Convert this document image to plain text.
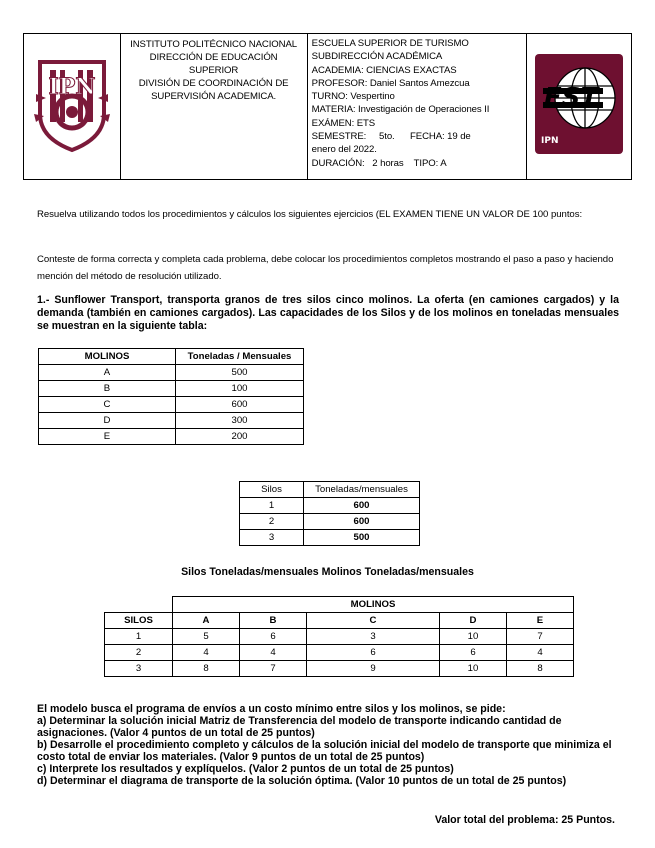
IPN

INSTITUTO POLITÉCNICO NACIONAL
DIRECCIÓN DE EDUCACIÓN SUPERIOR
DIVISIÓN DE COORDINACIÓN DE
SUPERVISIÓN ACADEMICA.

ESCUELA SUPERIOR DE TURISMO
SUBDIRECCIÓN ACADÉMICA
ACADEMIA: CIENCIAS EXACTAS
PROFESOR: Daniel Santos Amezcua
TURNO: Vespertino
MATERIA: Investigación de Operaciones II
EXÁMEN: ETS
SEMESTRE:     5to.      FECHA: 19 de
enero del 2022.
DURACIÓN:   2 horas    TIPO: A

EST
IPN
Resuelva utilizando todos los procedimientos y cálculos los siguientes ejercicios (EL EXAMEN TIENE UN VALOR DE 100 puntos:
Conteste de forma correcta y completa cada problema, debe colocar los procedimientos completos mostrando el paso a paso y haciendo mención del método de resolución utilizado.
1.- Sunflower Transport, transporta granos de tres silos cinco molinos. La oferta (en camiones cargados) y la demanda (también en camiones cargados). Las capacidades de los Silos y de los molinos en toneladas mensuales se muestran en la siguiente tabla:
MOLINOS	Toneladas / Mensuales
A	500
B	100
C	600
D	300
E	200
Silos	Toneladas/mensuales
1	600
2	600
3	500
Silos Toneladas/mensuales Molinos Toneladas/mensuales
	MOLINOS				
SILOS	A	B	C	D	E
1	5	6	3	10	7
2	4	4	6	6	4
3	8	7	9	10	8
El modelo busca el programa de envíos a un costo mínimo entre silos y los molinos, se pide:
a) Determinar la solución inicial Matriz de Transferencia del modelo de transporte indicando cantidad de asignaciones. (Valor 4 puntos de un total de 25 puntos)
b) Desarrolle el procedimiento completo y cálculos de la solución inicial del modelo de transporte que minimiza el costo total de enviar los materiales. (Valor 9 puntos de un total de 25 puntos)
c) Interprete los resultados y explíquelos. (Valor 2 puntos de un total de 25 puntos)
d) Determinar el diagrama de transporte de la solución óptima. (Valor 10 puntos de un total de 25 puntos)
Valor total del problema: 25 Puntos.
